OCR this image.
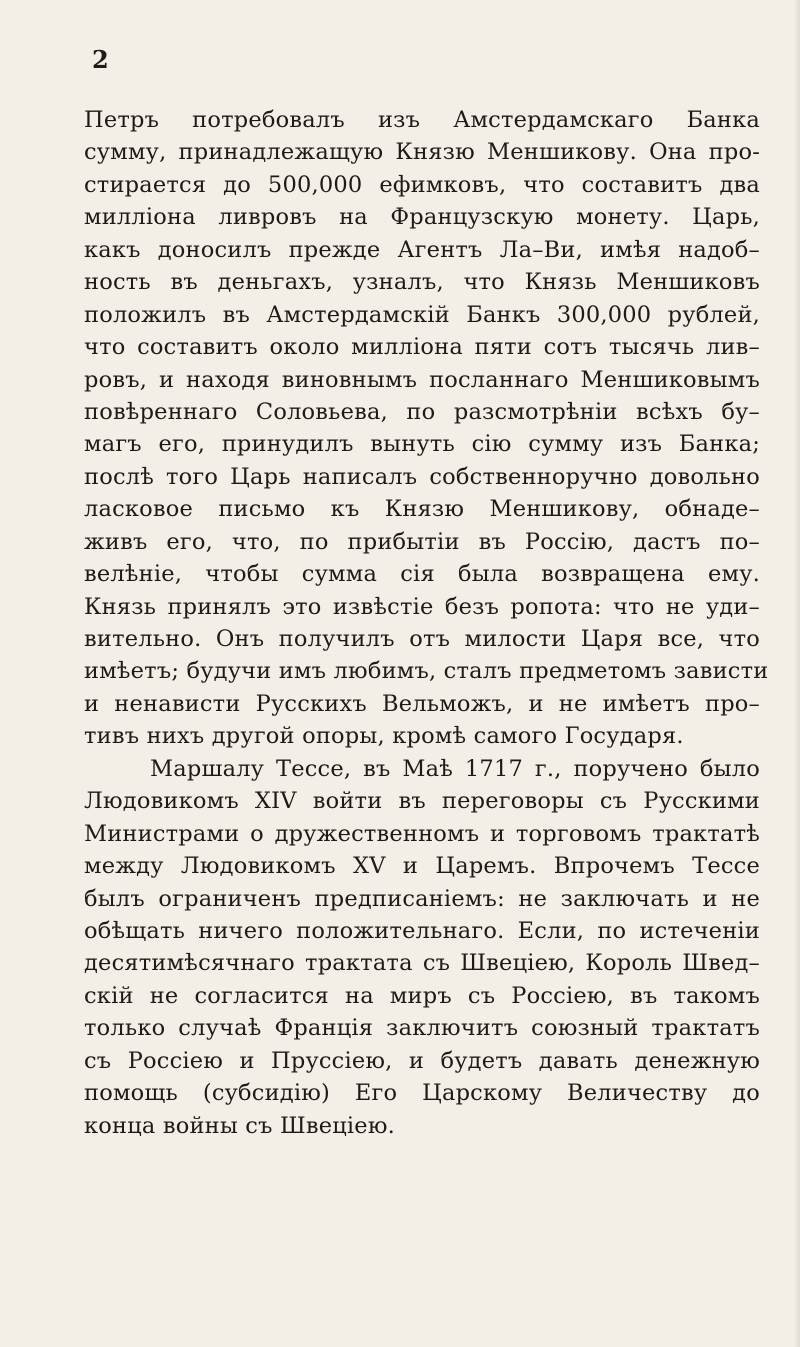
2
Петръ потребовалъ изъ Амстердамскаго Банка
сумму, принадлежащую Князю Меншикову. Она про-
стирается до 500,000 ефимковъ, что составитъ два
милліона ливровъ на Французскую монету. Царь,
какъ доносилъ прежде Агентъ Ла–Ви, имѣя надоб–
ность въ деньгахъ, узналъ, что Князь Меншиковъ
положилъ въ Амстердамскій Банкъ 300,000 рублей,
что составитъ около милліона пяти сотъ тысячь лив–
ровъ, и находя виновнымъ посланнаго Меншиковымъ
повѣреннаго Соловьева, по разсмотрѣніи всѣхъ бу–
магъ его, принудилъ вынуть сію сумму изъ Банка;
послѣ того Царь написалъ собственноручно довольно
ласковое письмо къ Князю Меншикову, обнаде–
живъ его, что, по прибытіи въ Россію, дастъ по–
велѣніе, чтобы сумма сія была возвращена ему.
Князь принялъ это извѣстіе безъ ропота: что не уди–
вительно. Онъ получилъ отъ милости Царя все, что
имѣетъ; будучи имъ любимъ, сталъ предметомъ зависти
и ненависти Русскихъ Вельможъ, и не имѣетъ про–
тивъ нихъ другой опоры, кромѣ самого Государя.
Маршалу Тессе, въ Маѣ 1717 г., поручено было
Людовикомъ XIV войти въ переговоры съ Русскими
Министрами о дружественномъ и торговомъ трактатѣ
между Людовикомъ XV и Царемъ. Впрочемъ Тессе
былъ ограниченъ предписаніемъ: не заключать и не
обѣщать ничего положительнаго. Если, по истеченіи
десятимѣсячнаго трактата съ Швеціею, Король Швед–
скій не согласится на миръ съ Россіею, въ такомъ
только случаѣ Франція заключитъ союзный трактатъ
съ Россіею и Пруссіею, и будетъ давать денежную
помощь (субсидію) Его Царскому Величеству до
конца войны съ Швеціею.
